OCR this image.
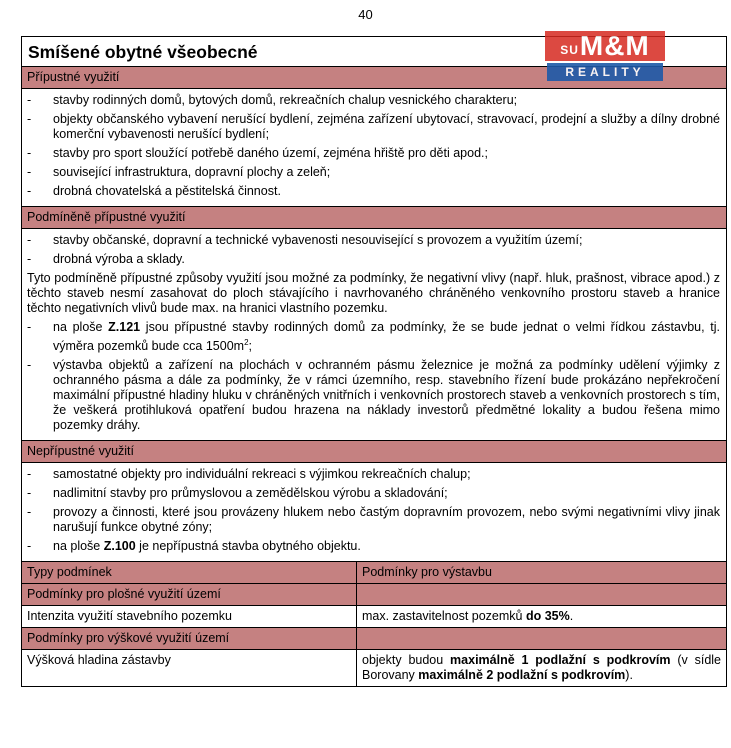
40
Smíšené obytné všeobecné	$^{SU}$M&M
REALITY
Přípustné využití
- stavby rodinných domů, bytových domů, rekreačních chalup vesnického charakteru;
- objekty občanského vybavení nerušící bydlení, zejména zařízení ubytovací, stravovací, prodejní a služby a dílny drobné komerční vybavenosti nerušící bydlení;
- stavby pro sport sloužící potřebě daného území, zejména hřiště pro děti apod.;
- související infrastruktura, dopravní plochy a zeleň;
- drobná chovatelská a pěstitelská činnost.
Podmíněně přípustné využití
- stavby občanské, dopravní a technické vybavenosti nesouvisející s provozem a využitím území;
- drobná výroba a sklady.
Tyto podmíněně přípustné způsoby využití jsou možné za podmínky, že negativní vlivy (např. hluk, prašnost, vibrace apod.) z těchto staveb nesmí zasahovat do ploch stávajícího i navrhovaného chráněného venkovního prostoru staveb a hranice těchto negativních vlivů bude max. na hranici vlastního pozemku.
- na ploše Z.121 jsou přípustné stavby rodinných domů za podmínky, že se bude jednat o velmi řídkou zástavbu, tj. výměra pozemků bude cca $1500m^2$;
- výstavba objektů a zařízení na plochách v ochranném pásmu železnice je možná za podmínky udělení výjimky z ochranného pásma a dále za podmínky, že v rámci územního, resp. stavebního řízení bude prokázáno nepřekročení maximální přípustné hladiny hluku v chráněných vnitřních i venkovních prostorech staveb a venkovních prostorech s tím, že veškerá protihluková opatření budou hrazena na náklady investorů předmětné lokality a budou řešena mimo pozemky dráhy.
Nepřípustné využití
- samostatné objekty pro individuální rekreaci s výjimkou rekreačních chalup;
- nadlimitní stavby pro průmyslovou a zemědělskou výrobu a skladování;
- provozy a činnosti, které jsou provázeny hlukem nebo častým dopravním provozem, nebo svými negativními vlivy jinak narušují funkce obytné zóny;
- na ploše Z.100 je nepřípustná stavba obytného objektu.
Typy podmínek	Podmínky pro výstavbu
Podmínky pro plošné využití území
Intenzita využití stavebního pozemku	max. zastavitelnost pozemků do 35%.
Podmínky pro výškové využití území
Výšková hladina zástavby	objekty budou maximálně 1 podlažní s podkrovím (v sídle Borovany maximálně 2 podlažní s podkrovím).
